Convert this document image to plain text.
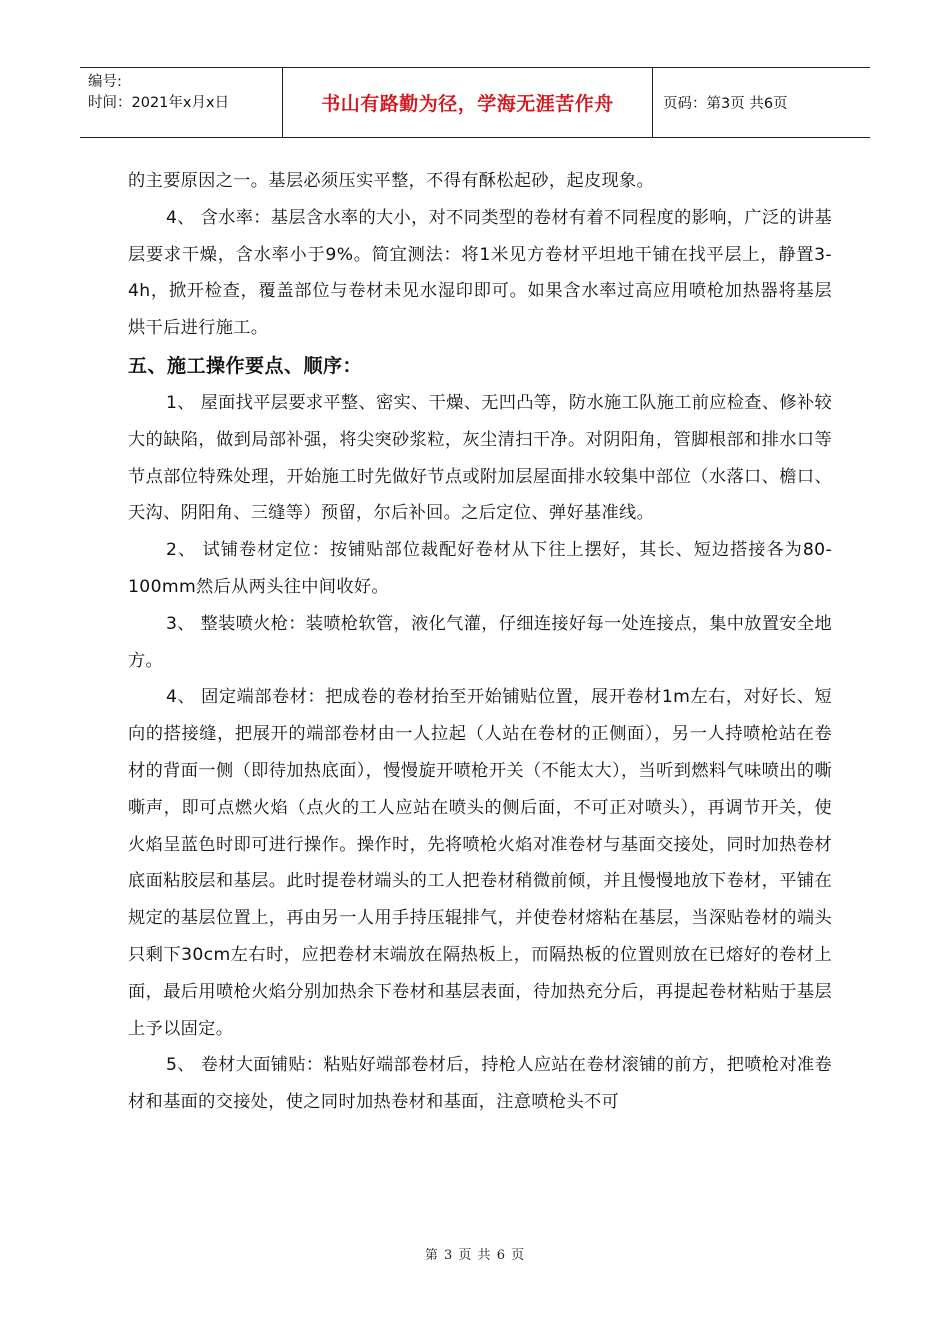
编号:
时间：2021年x月x日	书山有路勤为径，学海无涯苦作舟	页码：第3页 共6页

的主要原因之一。基层必须压实平整，不得有酥松起砂，起皮现象。

4、 含水率：基层含水率的大小，对不同类型的卷材有着不同程度的影响，广泛的讲基层要求干燥，含水率小于9%。简宜测法：将1米见方卷材平坦地干铺在找平层上，静置3-4h，掀开检查，覆盖部位与卷材未见水湿印即可。如果含水率过高应用喷枪加热器将基层烘干后进行施工。

五、施工操作要点、顺序：

1、 屋面找平层要求平整、密实、干燥、无凹凸等，防水施工队施工前应检查、修补较大的缺陷，做到局部补强，将尖突砂浆粒，灰尘清扫干净。对阴阳角，管脚根部和排水口等节点部位特殊处理，开始施工时先做好节点或附加层屋面排水较集中部位（水落口、檐口、天沟、阴阳角、三缝等）预留，尔后补回。之后定位、弹好基准线。

2、 试铺卷材定位：按铺贴部位裁配好卷材从下往上摆好，其长、短边搭接各为80-100mm然后从两头往中间收好。

3、 整装喷火枪：装喷枪软管，液化气灌，仔细连接好每一处连接点，集中放置安全地方。

4、 固定端部卷材：把成卷的卷材抬至开始铺贴位置，展开卷材1m左右，对好长、短向的搭接缝，把展开的端部卷材由一人拉起（人站在卷材的正侧面），另一人持喷枪站在卷材的背面一侧（即待加热底面），慢慢旋开喷枪开关（不能太大），当听到燃料气味喷出的嘶嘶声，即可点燃火焰（点火的工人应站在喷头的侧后面，不可正对喷头），再调节开关，使火焰呈蓝色时即可进行操作。操作时，先将喷枪火焰对准卷材与基面交接处，同时加热卷材底面粘胶层和基层。此时提卷材端头的工人把卷材稍微前倾，并且慢慢地放下卷材，平铺在规定的基层位置上，再由另一人用手持压辊排气，并使卷材熔粘在基层，当深贴卷材的端头只剩下30cm左右时，应把卷材末端放在隔热板上，而隔热板的位置则放在已熔好的卷材上面，最后用喷枪火焰分别加热余下卷材和基层表面，待加热充分后，再提起卷材粘贴于基层上予以固定。

5、 卷材大面铺贴：粘贴好端部卷材后，持枪人应站在卷材滚铺的前方，把喷枪对准卷材和基面的交接处，使之同时加热卷材和基面，注意喷枪头不可

第 3 页 共 6 页
